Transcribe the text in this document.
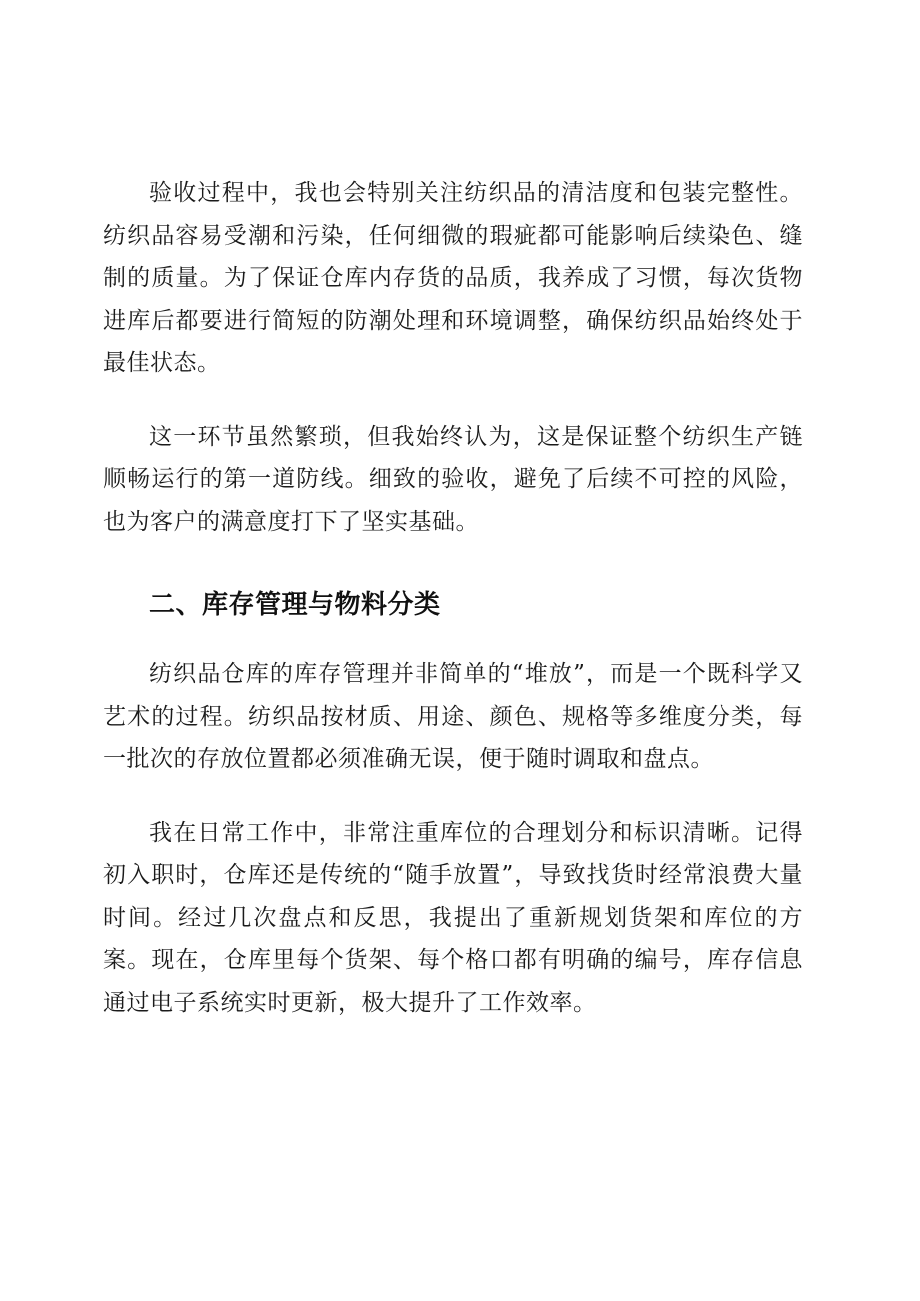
验收过程中，我也会特别关注纺织品的清洁度和包装完整性。纺织品容易受潮和污染，任何细微的瑕疵都可能影响后续染色、缝制的质量。为了保证仓库内存货的品质，我养成了习惯，每次货物进库后都要进行简短的防潮处理和环境调整，确保纺织品始终处于最佳状态。

这一环节虽然繁琐，但我始终认为，这是保证整个纺织生产链顺畅运行的第一道防线。细致的验收，避免了后续不可控的风险，也为客户的满意度打下了坚实基础。

二、库存管理与物料分类

纺织品仓库的库存管理并非简单的“堆放”，而是一个既科学又艺术的过程。纺织品按材质、用途、颜色、规格等多维度分类，每一批次的存放位置都必须准确无误，便于随时调取和盘点。

我在日常工作中，非常注重库位的合理划分和标识清晰。记得初入职时，仓库还是传统的“随手放置”，导致找货时经常浪费大量时间。经过几次盘点和反思，我提出了重新规划货架和库位的方案。现在，仓库里每个货架、每个格口都有明确的编号，库存信息通过电子系统实时更新，极大提升了工作效率。
